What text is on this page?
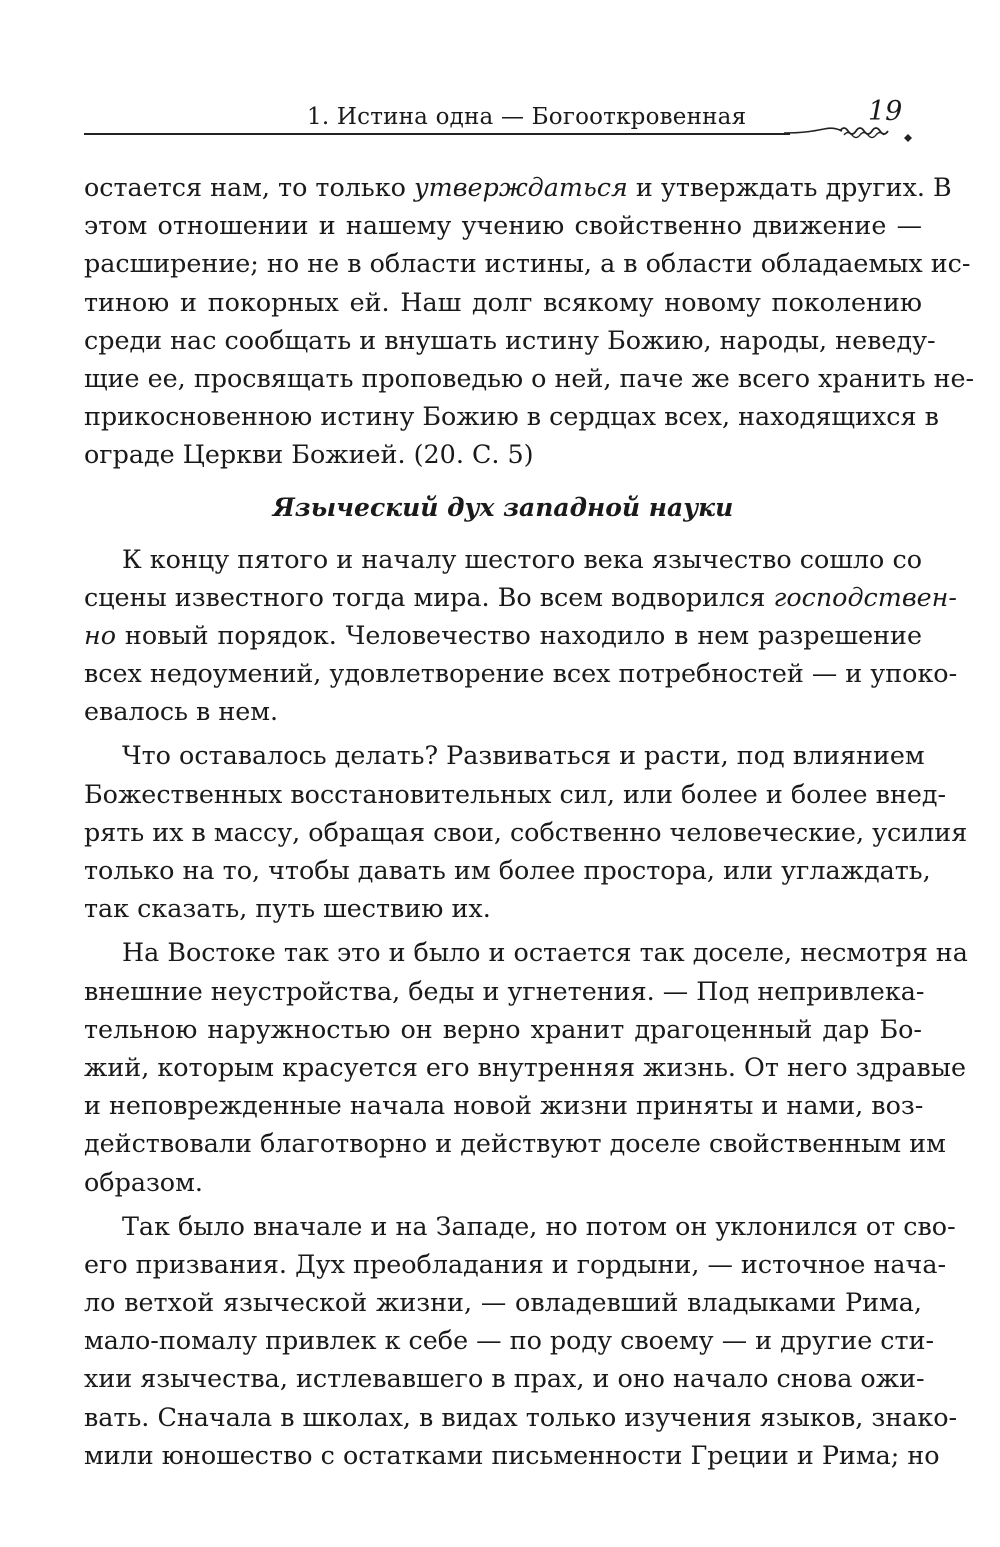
1. Истина одна — Богооткровенная	19
остается нам, то только утверждаться и утверждать других. В
этом отношении и нашему учению свойственно движение —
расширение; но не в области истины, а в области обладаемых ис-
тиною и покорных ей. Наш долг всякому новому поколению
среди нас сообщать и внушать истину Божию, народы, неведу-
щие ее, просвящать проповедью о ней, паче же всего хранить не-
прикосновенною истину Божию в сердцах всех, находящихся в
ограде Церкви Божией. (20. С. 5)
Языческий дух западной науки
К концу пятого и началу шестого века язычество сошло со
сцены известного тогда мира. Во всем водворился господствен-
но новый порядок. Человечество находило в нем разрешение
всех недоумений, удовлетворение всех потребностей — и упоко-
евалось в нем.
Что оставалось делать? Развиваться и расти, под влиянием
Божественных восстановительных сил, или более и более внед-
рять их в массу, обращая свои, собственно человеческие, усилия
только на то, чтобы давать им более простора, или углаждать,
так сказать, путь шествию их.
На Востоке так это и было и остается так доселе, несмотря на
внешние неустройства, беды и угнетения. — Под непривлека-
тельною наружностью он верно хранит драгоценный дар Бо-
жий, которым красуется его внутренняя жизнь. От него здравые
и неповрежденные начала новой жизни приняты и нами, воз-
действовали благотворно и действуют доселе свойственным им
образом.
Так было вначале и на Западе, но потом он уклонился от сво-
его призвания. Дух преобладания и гордыни, — источное нача-
ло ветхой языческой жизни, — овладевший владыками Рима,
мало-помалу привлек к себе — по роду своему — и другие сти-
хии язычества, истлевавшего в прах, и оно начало снова ожи-
вать. Сначала в школах, в видах только изучения языков, знако-
мили юношество с остатками письменности Греции и Рима; но
